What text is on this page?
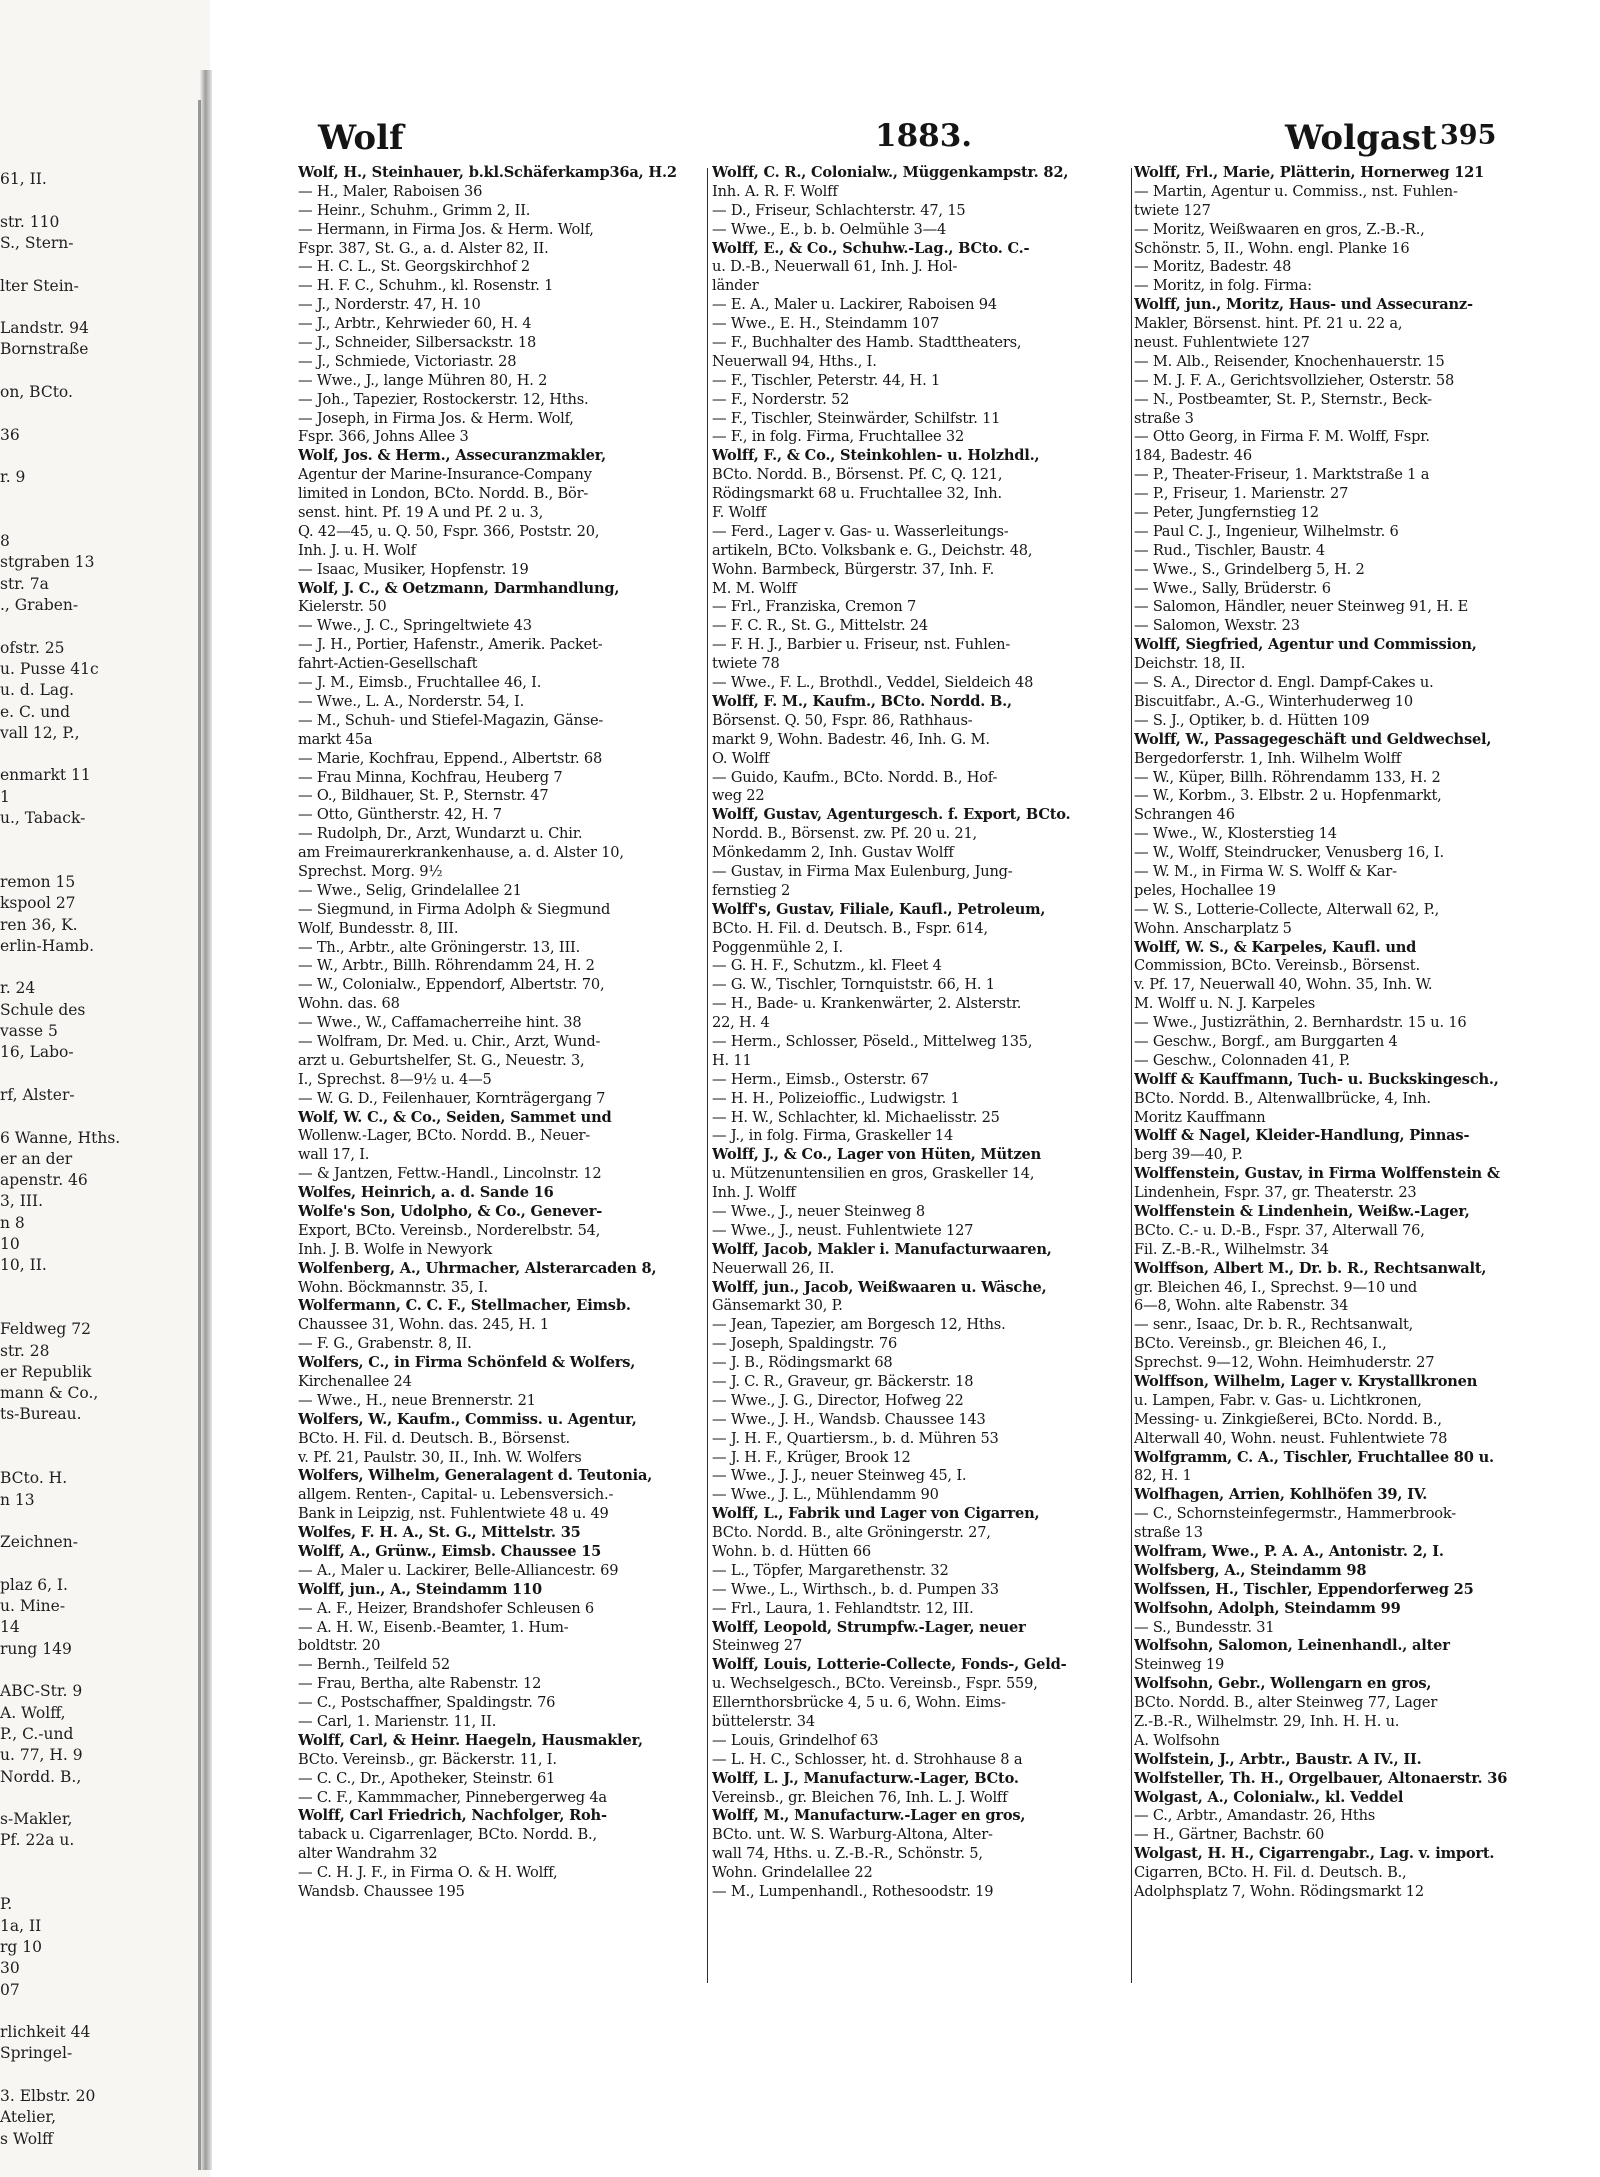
61, II.
str. 110
S., Stern-
lter Stein-
Landstr. 94
Bornstraße
on, BCto.
36
r. 9
8
stgraben 13
str. 7a
., Graben-
ofstr. 25
u. Pusse 41c
u. d. Lag.
e. C. und
vall 12, P.,
enmarkt 11
1
u., Taback-
remon 15
kspool 27
ren 36, K.
erlin-Hamb.
r. 24
Schule des
vasse 5
16, Labo-
rf, Alster-
6 Wanne, Hths.
er an der
apenstr. 46
3, III.
n 8
10
10, II.
Feldweg 72
str. 28
er Republik
mann & Co.,
ts-Bureau.
BCto. H.
n 13
Zeichnen-
plaz 6, I.
u. Mine-
14
rung 149
ABC-Str. 9
A. Wolff,
P., C.-und
u. 77, H. 9
Nordd. B.,
s-Makler,
Pf. 22a u.
P.
1a, II
rg 10
30
07
rlichkeit 44
Springel-
3. Elbstr. 20
Atelier,
s Wolff
Wolf	1883.	Wolgast 395
Wolf, H., Steinhauer, b.kl.Schäferkamp36a, H.2
— H., Maler, Raboisen 36
— Heinr., Schuhm., Grimm 2, II.
— Hermann, in Firma Jos. & Herm. Wolf,
Fspr. 387, St. G., a. d. Alster 82, II.
— H. C. L., St. Georgskirchhof 2
— H. F. C., Schuhm., kl. Rosenstr. 1
— J., Norderstr. 47, H. 10
— J., Arbtr., Kehrwieder 60, H. 4
— J., Schneider, Silbersackstr. 18
— J., Schmiede, Victoriastr. 28
— Wwe., J., lange Mühren 80, H. 2
— Joh., Tapezier, Rostockerstr. 12, Hths.
— Joseph, in Firma Jos. & Herm. Wolf,
Fspr. 366, Johns Allee 3
Wolf, Jos. & Herm., Assecuranzmakler,
Agentur der Marine-Insurance-Company
limited in London, BCto. Nordd. B., Bör-
senst. hint. Pf. 19 A und Pf. 2 u. 3,
Q. 42—45, u. Q. 50, Fspr. 366, Poststr. 20,
Inh. J. u. H. Wolf
— Isaac, Musiker, Hopfenstr. 19
Wolf, J. C., & Oetzmann, Darmhandlung,
Kielerstr. 50
— Wwe., J. C., Springeltwiete 43
— J. H., Portier, Hafenstr., Amerik. Packet-
fahrt-Actien-Gesellschaft
— J. M., Eimsb., Fruchtallee 46, I.
— Wwe., L. A., Norderstr. 54, I.
— M., Schuh- und Stiefel-Magazin, Gänse-
markt 45a
— Marie, Kochfrau, Eppend., Albertstr. 68
— Frau Minna, Kochfrau, Heuberg 7
— O., Bildhauer, St. P., Sternstr. 47
— Otto, Güntherstr. 42, H. 7
— Rudolph, Dr., Arzt, Wundarzt u. Chir.
am Freimaurerkrankenhause, a. d. Alster 10,
Sprechst. Morg. 9½
— Wwe., Selig, Grindelallee 21
— Siegmund, in Firma Adolph & Siegmund
Wolf, Bundesstr. 8, III.
— Th., Arbtr., alte Gröningerstr. 13, III.
— W., Arbtr., Billh. Röhrendamm 24, H. 2
— W., Colonialw., Eppendorf, Albertstr. 70,
Wohn. das. 68
— Wwe., W., Caffamacherreihe hint. 38
— Wolfram, Dr. Med. u. Chir., Arzt, Wund-
arzt u. Geburtshelfer, St. G., Neuestr. 3,
I., Sprechst. 8—9½ u. 4—5
— W. G. D., Feilenhauer, Kornträgergang 7
Wolf, W. C., & Co., Seiden, Sammet und
Wollenw.-Lager, BCto. Nordd. B., Neuer-
wall 17, I.
— & Jantzen, Fettw.-Handl., Lincolnstr. 12
Wolfes, Heinrich, a. d. Sande 16
Wolfe's Son, Udolpho, & Co., Genever-
Export, BCto. Vereinsb., Norderelbstr. 54,
Inh. J. B. Wolfe in Newyork
Wolfenberg, A., Uhrmacher, Alsterarcaden 8,
Wohn. Böckmannstr. 35, I.
Wolfermann, C. C. F., Stellmacher, Eimsb.
Chaussee 31, Wohn. das. 245, H. 1
— F. G., Grabenstr. 8, II.
Wolfers, C., in Firma Schönfeld & Wolfers,
Kirchenallee 24
— Wwe., H., neue Brennerstr. 21
Wolfers, W., Kaufm., Commiss. u. Agentur,
BCto. H. Fil. d. Deutsch. B., Börsenst.
v. Pf. 21, Paulstr. 30, II., Inh. W. Wolfers
Wolfers, Wilhelm, Generalagent d. Teutonia,
allgem. Renten-, Capital- u. Lebensversich.-
Bank in Leipzig, nst. Fuhlentwiete 48 u. 49
Wolfes, F. H. A., St. G., Mittelstr. 35
Wolff, A., Grünw., Eimsb. Chaussee 15
— A., Maler u. Lackirer, Belle-Alliancestr. 69
Wolff, jun., A., Steindamm 110
— A. F., Heizer, Brandshofer Schleusen 6
— A. H. W., Eisenb.-Beamter, 1. Hum-
boldtstr. 20
— Bernh., Teilfeld 52
— Frau, Bertha, alte Rabenstr. 12
— C., Postschaffner, Spaldingstr. 76
— Carl, 1. Marienstr. 11, II.
Wolff, Carl, & Heinr. Haegeln, Hausmakler,
BCto. Vereinsb., gr. Bäckerstr. 11, I.
— C. C., Dr., Apotheker, Steinstr. 61
— C. F., Kammmacher, Pinnebergerweg 4a
Wolff, Carl Friedrich, Nachfolger, Roh-
taback u. Cigarrenlager, BCto. Nordd. B.,
alter Wandrahm 32
— C. H. J. F., in Firma O. & H. Wolff,
Wandsb. Chaussee 195
Wolff, C. R., Colonialw., Müggenkampstr. 82,
Inh. A. R. F. Wolff
— D., Friseur, Schlachterstr. 47, 15
— Wwe., E., b. b. Oelmühle 3—4
Wolff, E., & Co., Schuhw.-Lag., BCto. C.-
u. D.-B., Neuerwall 61, Inh. J. Hol-
länder
— E. A., Maler u. Lackirer, Raboisen 94
— Wwe., E. H., Steindamm 107
— F., Buchhalter des Hamb. Stadttheaters,
Neuerwall 94, Hths., I.
— F., Tischler, Peterstr. 44, H. 1
— F., Norderstr. 52
— F., Tischler, Steinwärder, Schilfstr. 11
— F., in folg. Firma, Fruchtallee 32
Wolff, F., & Co., Steinkohlen- u. Holzhdl.,
BCto. Nordd. B., Börsenst. Pf. C, Q. 121,
Rödingsmarkt 68 u. Fruchtallee 32, Inh.
F. Wolff
— Ferd., Lager v. Gas- u. Wasserleitungs-
artikeln, BCto. Volksbank e. G., Deichstr. 48,
Wohn. Barmbeck, Bürgerstr. 37, Inh. F.
M. M. Wolff
— Frl., Franziska, Cremon 7
— F. C. R., St. G., Mittelstr. 24
— F. H. J., Barbier u. Friseur, nst. Fuhlen-
twiete 78
— Wwe., F. L., Brothdl., Veddel, Sieldeich 48
Wolff, F. M., Kaufm., BCto. Nordd. B.,
Börsenst. Q. 50, Fspr. 86, Rathhaus-
markt 9, Wohn. Badestr. 46, Inh. G. M.
O. Wolff
— Guido, Kaufm., BCto. Nordd. B., Hof-
weg 22
Wolff, Gustav, Agenturgesch. f. Export, BCto.
Nordd. B., Börsenst. zw. Pf. 20 u. 21,
Mönkedamm 2, Inh. Gustav Wolff
— Gustav, in Firma Max Eulenburg, Jung-
fernstieg 2
Wolff's, Gustav, Filiale, Kaufl., Petroleum,
BCto. H. Fil. d. Deutsch. B., Fspr. 614,
Poggenmühle 2, I.
— G. H. F., Schutzm., kl. Fleet 4
— G. W., Tischler, Tornquiststr. 66, H. 1
— H., Bade- u. Krankenwärter, 2. Alsterstr.
22, H. 4
— Herm., Schlosser, Pöseld., Mittelweg 135,
H. 11
— Herm., Eimsb., Osterstr. 67
— H. H., Polizeioffic., Ludwigstr. 1
— H. W., Schlachter, kl. Michaelisstr. 25
— J., in folg. Firma, Graskeller 14
Wolff, J., & Co., Lager von Hüten, Mützen
u. Mützenuntensilien en gros, Graskeller 14,
Inh. J. Wolff
— Wwe., J., neuer Steinweg 8
— Wwe., J., neust. Fuhlentwiete 127
Wolff, Jacob, Makler i. Manufacturwaaren,
Neuerwall 26, II.
Wolff, jun., Jacob, Weißwaaren u. Wäsche,
Gänsemarkt 30, P.
— Jean, Tapezier, am Borgesch 12, Hths.
— Joseph, Spaldingstr. 76
— J. B., Rödingsmarkt 68
— J. C. R., Graveur, gr. Bäckerstr. 18
— Wwe., J. G., Director, Hofweg 22
— Wwe., J. H., Wandsb. Chaussee 143
— J. H. F., Quartiersm., b. d. Mühren 53
— J. H. F., Krüger, Brook 12
— Wwe., J. J., neuer Steinweg 45, I.
— Wwe., J. L., Mühlendamm 90
Wolff, L., Fabrik und Lager von Cigarren,
BCto. Nordd. B., alte Gröningerstr. 27,
Wohn. b. d. Hütten 66
— L., Töpfer, Margarethenstr. 32
— Wwe., L., Wirthsch., b. d. Pumpen 33
— Frl., Laura, 1. Fehlandtstr. 12, III.
Wolff, Leopold, Strumpfw.-Lager, neuer
Steinweg 27
Wolff, Louis, Lotterie-Collecte, Fonds-, Geld-
u. Wechselgesch., BCto. Vereinsb., Fspr. 559,
Ellernthorsbrücke 4, 5 u. 6, Wohn. Eims-
büttelerstr. 34
— Louis, Grindelhof 63
— L. H. C., Schlosser, ht. d. Strohhause 8 a
Wolff, L. J., Manufacturw.-Lager, BCto.
Vereinsb., gr. Bleichen 76, Inh. L. J. Wolff
Wolff, M., Manufacturw.-Lager en gros,
BCto. unt. W. S. Warburg-Altona, Alter-
wall 74, Hths. u. Z.-B.-R., Schönstr. 5,
Wohn. Grindelallee 22
— M., Lumpenhandl., Rothesoodstr. 19
Wolff, Frl., Marie, Plätterin, Hornerweg 121
— Martin, Agentur u. Commiss., nst. Fuhlen-
twiete 127
— Moritz, Weißwaaren en gros, Z.-B.-R.,
Schönstr. 5, II., Wohn. engl. Planke 16
— Moritz, Badestr. 48
— Moritz, in folg. Firma:
Wolff, jun., Moritz, Haus- und Assecuranz-
Makler, Börsenst. hint. Pf. 21 u. 22 a,
neust. Fuhlentwiete 127
— M. Alb., Reisender, Knochenhauerstr. 15
— M. J. F. A., Gerichtsvollzieher, Osterstr. 58
— N., Postbeamter, St. P., Sternstr., Beck-
straße 3
— Otto Georg, in Firma F. M. Wolff, Fspr.
184, Badestr. 46
— P., Theater-Friseur, 1. Marktstraße 1 a
— P., Friseur, 1. Marienstr. 27
— Peter, Jungfernstieg 12
— Paul C. J., Ingenieur, Wilhelmstr. 6
— Rud., Tischler, Baustr. 4
— Wwe., S., Grindelberg 5, H. 2
— Wwe., Sally, Brüderstr. 6
— Salomon, Händler, neuer Steinweg 91, H. E
— Salomon, Wexstr. 23
Wolff, Siegfried, Agentur und Commission,
Deichstr. 18, II.
— S. A., Director d. Engl. Dampf-Cakes u.
Biscuitfabr., A.-G., Winterhuderweg 10
— S. J., Optiker, b. d. Hütten 109
Wolff, W., Passagegeschäft und Geldwechsel,
Bergedorferstr. 1, Inh. Wilhelm Wolff
— W., Küper, Billh. Röhrendamm 133, H. 2
— W., Korbm., 3. Elbstr. 2 u. Hopfenmarkt,
Schrangen 46
— Wwe., W., Klosterstieg 14
— W., Wolff, Steindrucker, Venusberg 16, I.
— W. M., in Firma W. S. Wolff & Kar-
peles, Hochallee 19
— W. S., Lotterie-Collecte, Alterwall 62, P.,
Wohn. Anscharplatz 5
Wolff, W. S., & Karpeles, Kaufl. und
Commission, BCto. Vereinsb., Börsenst.
v. Pf. 17, Neuerwall 40, Wohn. 35, Inh. W.
M. Wolff u. N. J. Karpeles
— Wwe., Justizräthin, 2. Bernhardstr. 15 u. 16
— Geschw., Borgf., am Burggarten 4
— Geschw., Colonnaden 41, P.
Wolff & Kauffmann, Tuch- u. Buckskingesch.,
BCto. Nordd. B., Altenwallbrücke, 4, Inh.
Moritz Kauffmann
Wolff & Nagel, Kleider-Handlung, Pinnas-
berg 39—40, P.
Wolffenstein, Gustav, in Firma Wolffenstein &
Lindenhein, Fspr. 37, gr. Theaterstr. 23
Wolffenstein & Lindenhein, Weißw.-Lager,
BCto. C.- u. D.-B., Fspr. 37, Alterwall 76,
Fil. Z.-B.-R., Wilhelmstr. 34
Wolffson, Albert M., Dr. b. R., Rechtsanwalt,
gr. Bleichen 46, I., Sprechst. 9—10 und
6—8, Wohn. alte Rabenstr. 34
— senr., Isaac, Dr. b. R., Rechtsanwalt,
BCto. Vereinsb., gr. Bleichen 46, I.,
Sprechst. 9—12, Wohn. Heimhuderstr. 27
Wolffson, Wilhelm, Lager v. Krystallkronen
u. Lampen, Fabr. v. Gas- u. Lichtkronen,
Messing- u. Zinkgießerei, BCto. Nordd. B.,
Alterwall 40, Wohn. neust. Fuhlentwiete 78
Wolfgramm, C. A., Tischler, Fruchtallee 80 u.
82, H. 1
Wolfhagen, Arrien, Kohlhöfen 39, IV.
— C., Schornsteinfegermstr., Hammerbrook-
straße 13
Wolfram, Wwe., P. A. A., Antonistr. 2, I.
Wolfsberg, A., Steindamm 98
Wolfssen, H., Tischler, Eppendorferweg 25
Wolfsohn, Adolph, Steindamm 99
— S., Bundesstr. 31
Wolfsohn, Salomon, Leinenhandl., alter
Steinweg 19
Wolfsohn, Gebr., Wollengarn en gros,
BCto. Nordd. B., alter Steinweg 77, Lager
Z.-B.-R., Wilhelmstr. 29, Inh. H. H. u.
A. Wolfsohn
Wolfstein, J., Arbtr., Baustr. A IV., II.
Wolfsteller, Th. H., Orgelbauer, Altonaerstr. 36
Wolgast, A., Colonialw., kl. Veddel
— C., Arbtr., Amandastr. 26, Hths
— H., Gärtner, Bachstr. 60
Wolgast, H. H., Cigarrengabr., Lag. v. import.
Cigarren, BCto. H. Fil. d. Deutsch. B.,
Adolphsplatz 7, Wohn. Rödingsmarkt 12
